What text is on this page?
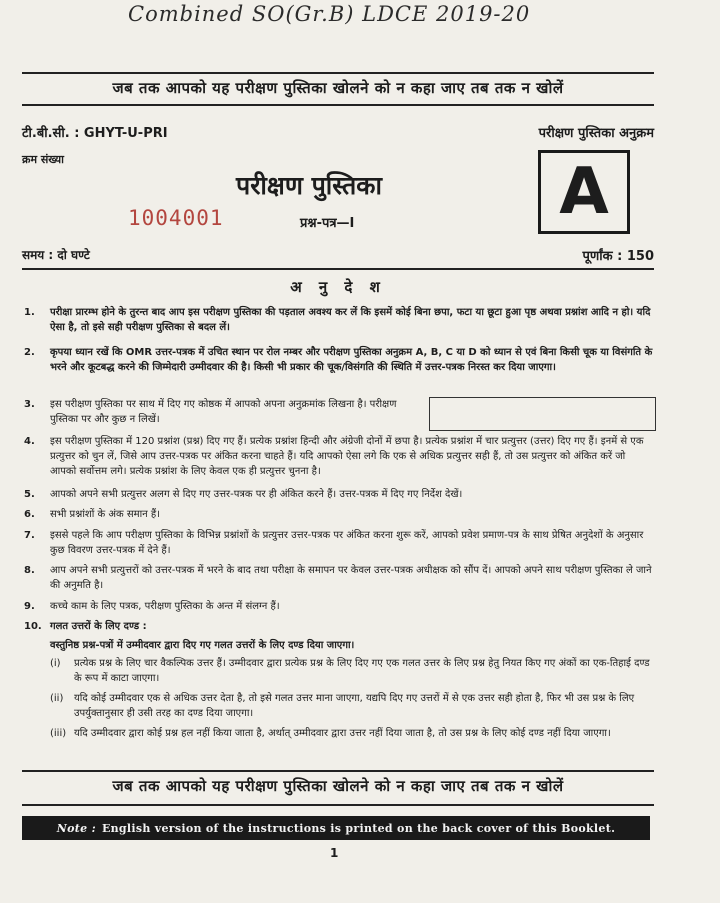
Combined SO(Gr.B) LDCE 2019-20
जब तक आपको यह परीक्षण पुस्तिका खोलने को न कहा जाए तब तक न खोलें
टी.बी.सी. : GHYT-U-PRI	परीक्षण पुस्तिका अनुक्रम
क्रम संख्या
परीक्षण पुस्तिका
1004001	प्रश्न-पत्र—I	A
समय : दो घण्टे	पूर्णांक : 150
अ नु दे श
1. परीक्षा प्रारम्भ होने के तुरन्त बाद आप इस परीक्षण पुस्तिका की पड़ताल अवश्य कर लें कि इसमें कोई बिना छपा, फटा या छूटा हुआ पृष्ठ अथवा प्रश्नांश आदि न हो। यदि ऐसा है, तो इसे सही परीक्षण पुस्तिका से बदल लें।
2. कृपया ध्यान रखें कि OMR उत्तर-पत्रक में उचित स्थान पर रोल नम्बर और परीक्षण पुस्तिका अनुक्रम A, B, C या D को ध्यान से एवं बिना किसी चूक या विसंगति के भरने और कूटबद्ध करने की जिम्मेदारी उम्मीदवार की है। किसी भी प्रकार की चूक/विसंगति की स्थिति में उत्तर-पत्रक निरस्त कर दिया जाएगा।
3. इस परीक्षण पुस्तिका पर साथ में दिए गए कोष्ठक में आपको अपना अनुक्रमांक लिखना है। परीक्षण पुस्तिका पर और कुछ न लिखें।
4. इस परीक्षण पुस्तिका में 120 प्रश्नांश (प्रश्न) दिए गए हैं। प्रत्येक प्रश्नांश हिन्दी और अंग्रेजी दोनों में छपा है। प्रत्येक प्रश्नांश में चार प्रत्युत्तर (उत्तर) दिए गए हैं। इनमें से एक प्रत्युत्तर को चुन लें, जिसे आप उत्तर-पत्रक पर अंकित करना चाहते हैं। यदि आपको ऐसा लगे कि एक से अधिक प्रत्युत्तर सही हैं, तो उस प्रत्युत्तर को अंकित करें जो आपको सर्वोत्तम लगे। प्रत्येक प्रश्नांश के लिए केवल एक ही प्रत्युत्तर चुनना है।
5. आपको अपने सभी प्रत्युत्तर अलग से दिए गए उत्तर-पत्रक पर ही अंकित करने हैं। उत्तर-पत्रक में दिए गए निर्देश देखें।
6. सभी प्रश्नांशों के अंक समान हैं।
7. इससे पहले कि आप परीक्षण पुस्तिका के विभिन्न प्रश्नांशों के प्रत्युत्तर उत्तर-पत्रक पर अंकित करना शुरू करें, आपको प्रवेश प्रमाण-पत्र के साथ प्रेषित अनुदेशों के अनुसार कुछ विवरण उत्तर-पत्रक में देने हैं।
8. आप अपने सभी प्रत्युत्तरों को उत्तर-पत्रक में भरने के बाद तथा परीक्षा के समापन पर केवल उत्तर-पत्रक अधीक्षक को सौंप दें। आपको अपने साथ परीक्षण पुस्तिका ले जाने की अनुमति है।
9. कच्चे काम के लिए पत्रक, परीक्षण पुस्तिका के अन्त में संलग्न हैं।
10. गलत उत्तरों के लिए दण्ड :
वस्तुनिष्ठ प्रश्न-पत्रों में उम्मीदवार द्वारा दिए गए गलत उत्तरों के लिए दण्ड दिया जाएगा।
(i) प्रत्येक प्रश्न के लिए चार वैकल्पिक उत्तर हैं। उम्मीदवार द्वारा प्रत्येक प्रश्न के लिए दिए गए एक गलत उत्तर के लिए प्रश्न हेतु नियत किए गए अंकों का एक-तिहाई दण्ड के रूप में काटा जाएगा।
(ii) यदि कोई उम्मीदवार एक से अधिक उत्तर देता है, तो इसे गलत उत्तर माना जाएगा, यद्यपि दिए गए उत्तरों में से एक उत्तर सही होता है, फिर भी उस प्रश्न के लिए उपर्युक्तानुसार ही उसी तरह का दण्ड दिया जाएगा।
(iii) यदि उम्मीदवार द्वारा कोई प्रश्न हल नहीं किया जाता है, अर्थात् उम्मीदवार द्वारा उत्तर नहीं दिया जाता है, तो उस प्रश्न के लिए कोई दण्ड नहीं दिया जाएगा।
जब तक आपको यह परीक्षण पुस्तिका खोलने को न कहा जाए तब तक न खोलें
Note : English version of the instructions is printed on the back cover of this Booklet.
1
